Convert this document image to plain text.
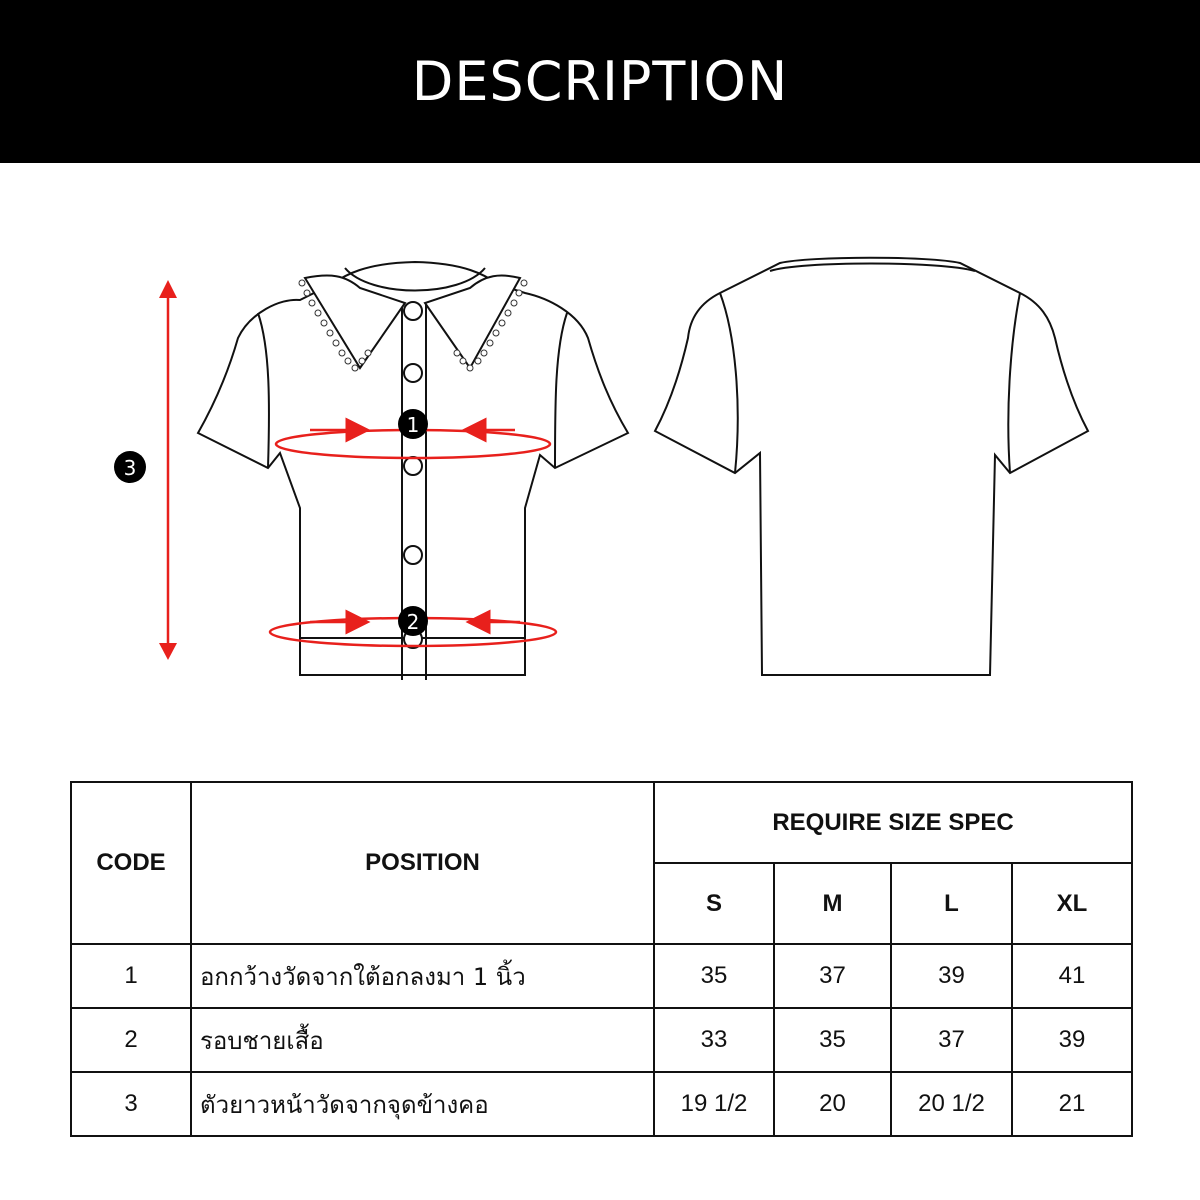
DESCRIPTION
1
2
3
CODE	POSITION	REQUIRE SIZE SPEC			
		S	M	L	XL
1	อกกว้างวัดจากใต้อกลงมา 1 นิ้ว	35	37	39	41
2	รอบชายเสื้อ	33	35	37	39
3	ตัวยาวหน้าวัดจากจุดข้างคอ	19 1/2	20	20 1/2	21
